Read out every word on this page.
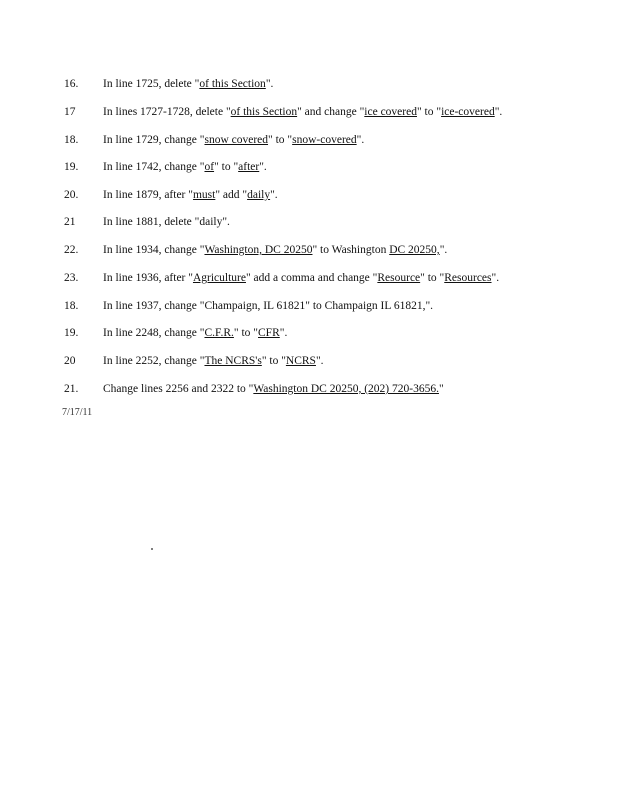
16. In line 1725, delete "of this Section".
17 In lines 1727-1728, delete "of this Section" and change "ice covered" to "ice-covered".
18. In line 1729, change "snow covered" to "snow-covered".
19. In line 1742, change "of" to "after".
20. In line 1879, after "must" add "daily".
21 In line 1881, delete "daily".
22. In line 1934, change "Washington, DC 20250" to Washington DC 20250,".
23. In line 1936, after "Agriculture" add a comma and change "Resource" to "Resources".
18. In line 1937, change "Champaign, IL 61821" to Champaign IL 61821,".
19. In line 2248, change "C.F.R." to "CFR".
20 In line 2252, change "The NCRS's" to "NCRS".
21. Change lines 2256 and 2322 to "Washington DC 20250, (202) 720-3656."
7/17/11
